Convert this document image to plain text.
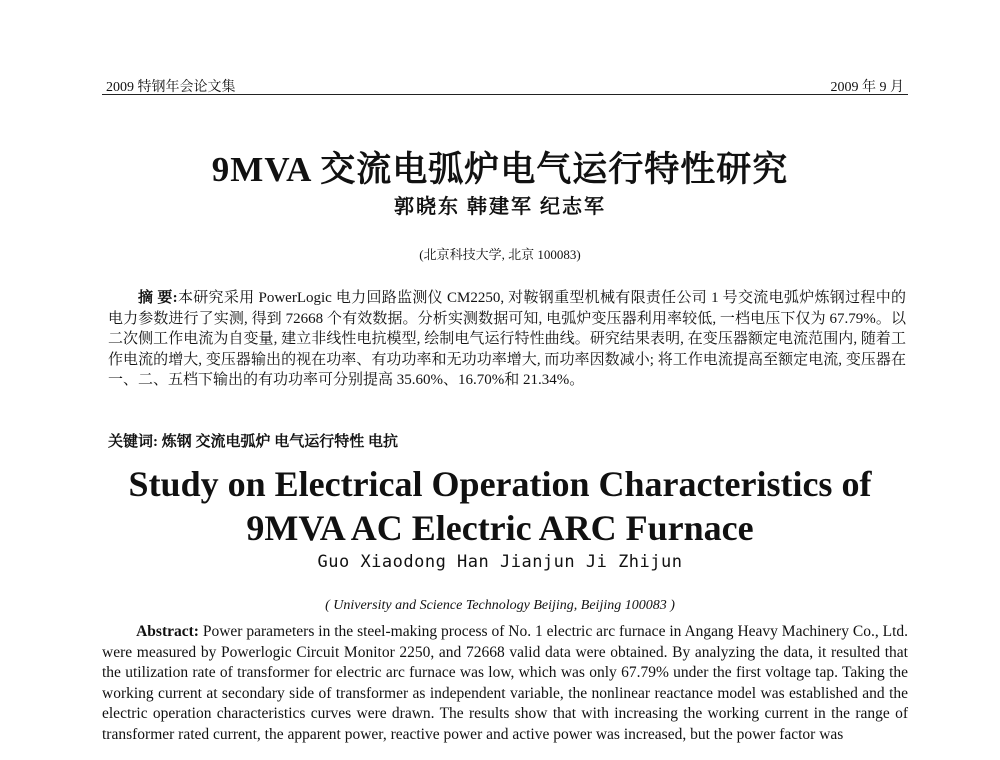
2009 特钢年会论文集	2009 年 9 月
9MVA 交流电弧炉电气运行特性研究
郭晓东 韩建军 纪志军
(北京科技大学, 北京 100083)
摘 要:本研究采用 PowerLogic 电力回路监测仪 CM2250, 对鞍钢重型机械有限责任公司 1 号交流电弧炉炼钢过程中的电力参数进行了实测, 得到 72668 个有效数据。分析实测数据可知, 电弧炉变压器利用率较低, 一档电压下仅为 67.79%。以二次侧工作电流为自变量, 建立非线性电抗模型, 绘制电气运行特性曲线。研究结果表明, 在变压器额定电流范围内, 随着工作电流的增大, 变压器输出的视在功率、有功功率和无功功率增大, 而功率因数减小; 将工作电流提高至额定电流, 变压器在一、二、五档下输出的有功功率可分别提高 35.60%、16.70%和 21.34%。
关键词: 炼钢 交流电弧炉 电气运行特性 电抗
Study on Electrical Operation Characteristics of
9MVA AC Electric ARC Furnace
Guo Xiaodong Han Jianjun Ji Zhijun
( University and Science Technology Beijing, Beijing 100083 )
Abstract: Power parameters in the steel-making process of No. 1 electric arc furnace in Angang Heavy Machinery Co., Ltd. were measured by Powerlogic Circuit Monitor 2250, and 72668 valid data were obtained. By analyzing the data, it resulted that the utilization rate of transformer for electric arc furnace was low, which was only 67.79% under the first voltage tap. Taking the working current at secondary side of transformer as independent variable, the nonlinear reactance model was established and the electric operation characteristics curves were drawn. The results show that with increasing the working current in the range of transformer rated current, the apparent power, reactive power and active power was increased, but the power factor was
